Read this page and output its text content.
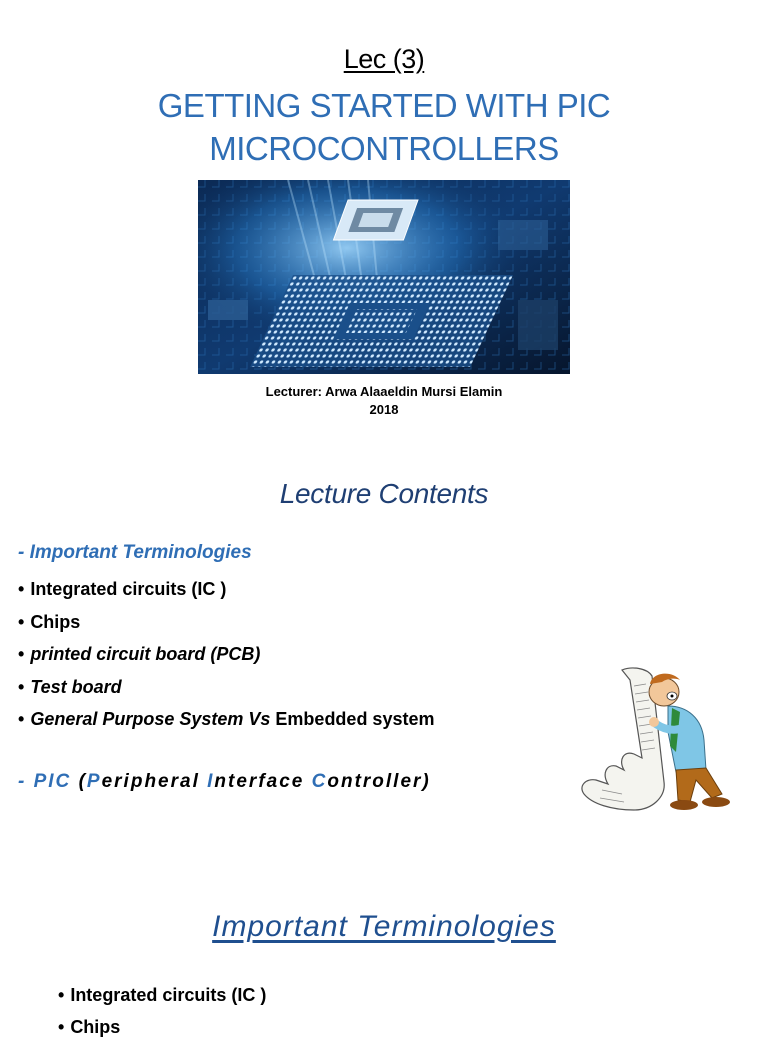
Lec (3)
GETTING STARTED WITH PIC
MICROCONTROLLERS
Lecturer: Arwa Alaaeldin Mursi Elamin
2018
Lecture Contents
- Important Terminologies
• Integrated circuits (IC )
• Chips
• printed circuit board (PCB)
• Test board
• General Purpose System Vs Embedded system
- PIC (Peripheral Interface Controller)
Important Terminologies
• Integrated circuits (IC )
• Chips
